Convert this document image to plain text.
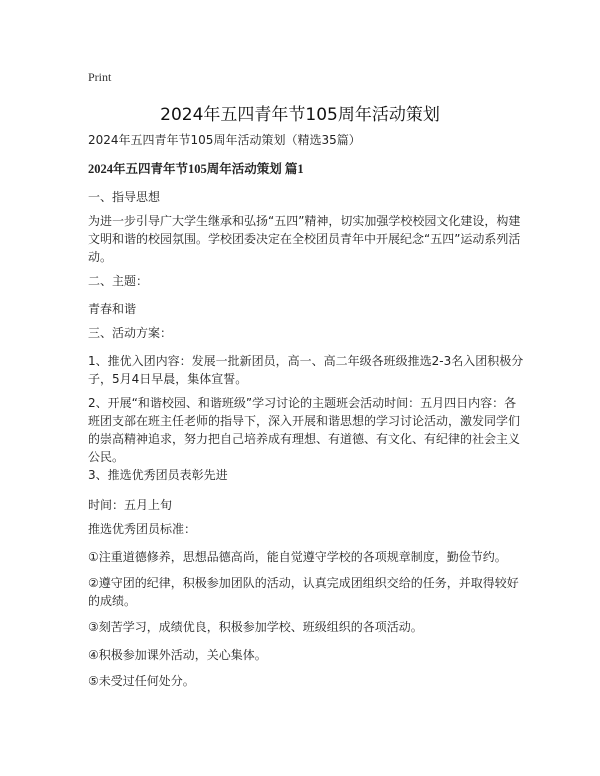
Print
2024年五四青年节105周年活动策划
2024年五四青年节105周年活动策划（精选35篇）
2024年五四青年节105周年活动策划 篇1
一、指导思想
为进一步引导广大学生继承和弘扬“五四”精神，切实加强学校校园文化建设，构建文明和谐的校园氛围。学校团委决定在全校团员青年中开展纪念“五四”运动系列活动。
二、主题：
青春和谐
三、活动方案：
1、推优入团内容：发展一批新团员，高一、高二年级各班级推选2-3名入团积极分子，5月4日早晨，集体宣誓。
2、开展“和谐校园、和谐班级”学习讨论的主题班会活动时间：五月四日内容：各班团支部在班主任老师的指导下，深入开展和谐思想的学习讨论活动，激发同学们的崇高精神追求，努力把自己培养成有理想、有道德、有文化、有纪律的社会主义公民。
3、推选优秀团员表彰先进
时间：五月上旬
推选优秀团员标准：
①注重道德修养，思想品德高尚，能自觉遵守学校的各项规章制度，勤俭节约。
②遵守团的纪律，积极参加团队的活动，认真完成团组织交给的任务，并取得较好的成绩。
③刻苦学习，成绩优良，积极参加学校、班级组织的各项活动。
④积极参加课外活动，关心集体。
⑤未受过任何处分。
